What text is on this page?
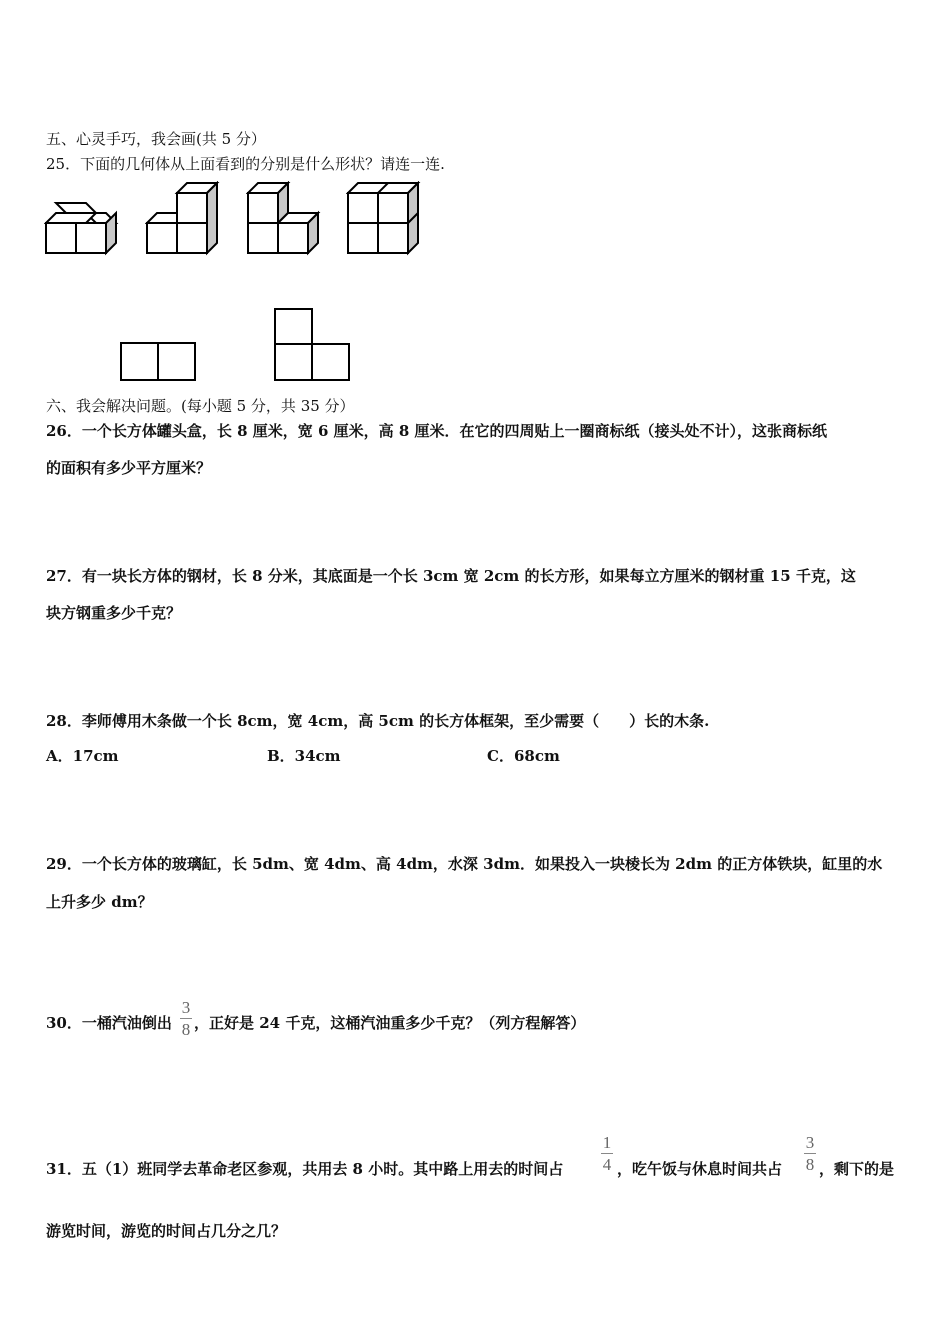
五、心灵手巧，我会画(共 5 分）
25．下面的几何体从上面看到的分别是什么形状？请连一连.
六、我会解决问题。(每小题 5 分，共 35 分）
26．一个长方体罐头盒，长 8 厘米，宽 6 厘米，高 8 厘米．在它的四周贴上一圈商标纸（接头处不计），这张商标纸
的面积有多少平方厘米？
27．有一块长方体的钢材，长 8 分米，其底面是一个长 3cm 宽 2cm 的长方形，如果每立方厘米的钢材重 15 千克，这
块方钢重多少千克？
28．李师傅用木条做一个长 8cm，宽 4cm，高 5cm 的长方体框架，至少需要（　　）长的木条.
A．17cm	B．34cm	C．68cm
29．一个长方体的玻璃缸，长 5dm、宽 4dm、高 4dm，水深 3dm．如果投入一块棱长为 2dm 的正方体铁块，缸里的水
上升多少 dm？
30．一桶汽油倒出
3
8 ，正好是 24 千克，这桶汽油重多少千克？（列方程解答）
31．五（1）班同学去革命老区参观，共用去 8 小时。其中路上用去的时间占
1
4 ，吃午饭与休息时间共占
3
8 ，剩下的是
游览时间，游览的时间占几分之几？
